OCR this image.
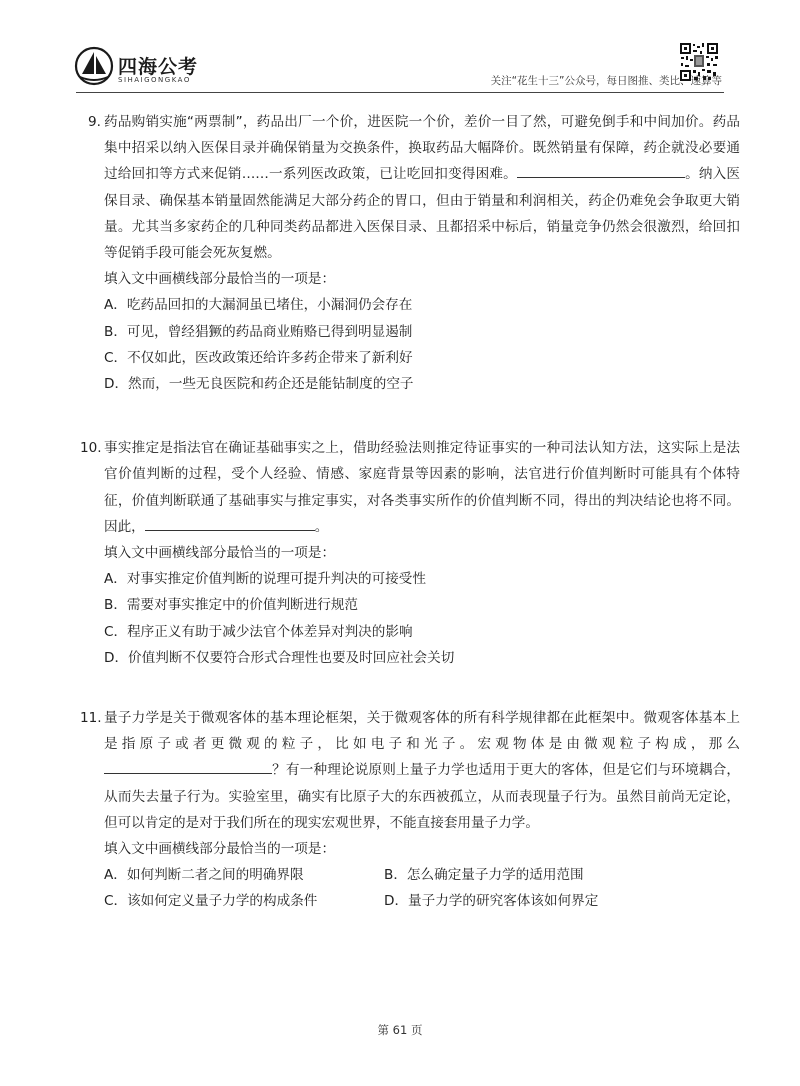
四海公考
SIHAIGONGKAO	关注“花生十三”公众号，每日图推、类比、速算等
9. 药品购销实施“两票制”，药品出厂一个价，进医院一个价，差价一目了然，可避免倒手和中间加价。药品集中招采以纳入医保目录并确保销量为交换条件，换取药品大幅降价。既然销量有保障，药企就没必要通过给回扣等方式来促销……一系列医改政策，已让吃回扣变得困难。	。纳入医保目录、确保基本销量固然能满足大部分药企的胃口，但由于销量和利润相关，药企仍难免会争取更大销量。尤其当多家药企的几种同类药品都进入医保目录、且都招采中标后，销量竞争仍然会很激烈，给回扣等促销手段可能会死灰复燃。

填入文中画横线部分最恰当的一项是：

A．吃药品回扣的大漏洞虽已堵住，小漏洞仍会存在

B．可见，曾经猖獗的药品商业贿赂已得到明显遏制

C．不仅如此，医改政策还给许多药企带来了新利好

D．然而，一些无良医院和药企还是能钻制度的空子

10. 事实推定是指法官在确证基础事实之上，借助经验法则推定待证事实的一种司法认知方法，这实际上是法官价值判断的过程，受个人经验、情感、家庭背景等因素的影响，法官进行价值判断时可能具有个体特征，价值判断联通了基础事实与推定事实，对各类事实所作的价值判断不同，得出的判决结论也将不同。因此，	。

填入文中画横线部分最恰当的一项是：

A．对事实推定价值判断的说理可提升判决的可接受性

B．需要对事实推定中的价值判断进行规范

C．程序正义有助于减少法官个体差异对判决的影响

D．价值判断不仅要符合形式合理性也要及时回应社会关切

11. 量子力学是关于微观客体的基本理论框架，关于微观客体的所有科学规律都在此框架中。微观客体基本上是指原子或者更微观的粒子，比如电子和光子。宏观物体是由微观粒子构成，那么？有一种理论说原则上量子力学也适用于更大的客体，但是它们与环境耦合，从而失去量子行为。实验室里，确实有比原子大的东西被孤立，从而表现量子行为。虽然目前尚无定论，但可以肯定的是对于我们所在的现实宏观世界，不能直接套用量子力学。

填入文中画横线部分最恰当的一项是：

A．如何判断二者之间的明确界限	B．怎么确定量子力学的适用范围
C．该如何定义量子力学的构成条件	D．量子力学的研究客体该如何界定
第 61 页
